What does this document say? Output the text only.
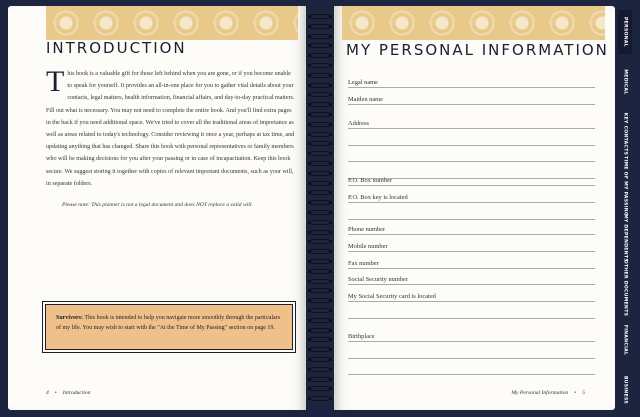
INTRODUCTION

This book is a valuable gift for those left behind when you are gone, or if you become unable to speak for yourself. It provides an all-in-one place for you to gather vital details about your contacts, legal matters, health information, financial affairs, and day-to-day practical matters. Fill out what is necessary. You may not need to complete the entire book. And you'll find extra pages in the back if you need additional space. We've tried to cover all the traditional areas of importance as well as areas related to today's technology. Consider reviewing it once a year, perhaps at tax time, and updating anything that has changed. Share this book with personal representatives or family members who will be making decisions for you after your passing or in case of incapacitation. Keep this book secure. We suggest storing it together with copies of relevant important documents, such as your will, in separate folders.

Please note: This planner is not a legal document and does NOT replace a valid will.

Survivors: This book is intended to help you navigate more smoothly through the particulars of my life. You may wish to start with the "At the Time of My Passing" section on page 19.
4 • Introduction
MY PERSONAL INFORMATION
Legal name
Maiden name
Address
P.O. Box number
P.O. Box key is located
Phone number
Mobile number
Fax number
Social Security number
My Social Security card is located
Birthplace
My Personal Information • 5
PERSONAL
MEDICAL
KEY CONTACTS
TIME OF MY PASSING
MY DEPENDENTS
OTHER DOCUMENTS
FINANCIAL
BUSINESS
